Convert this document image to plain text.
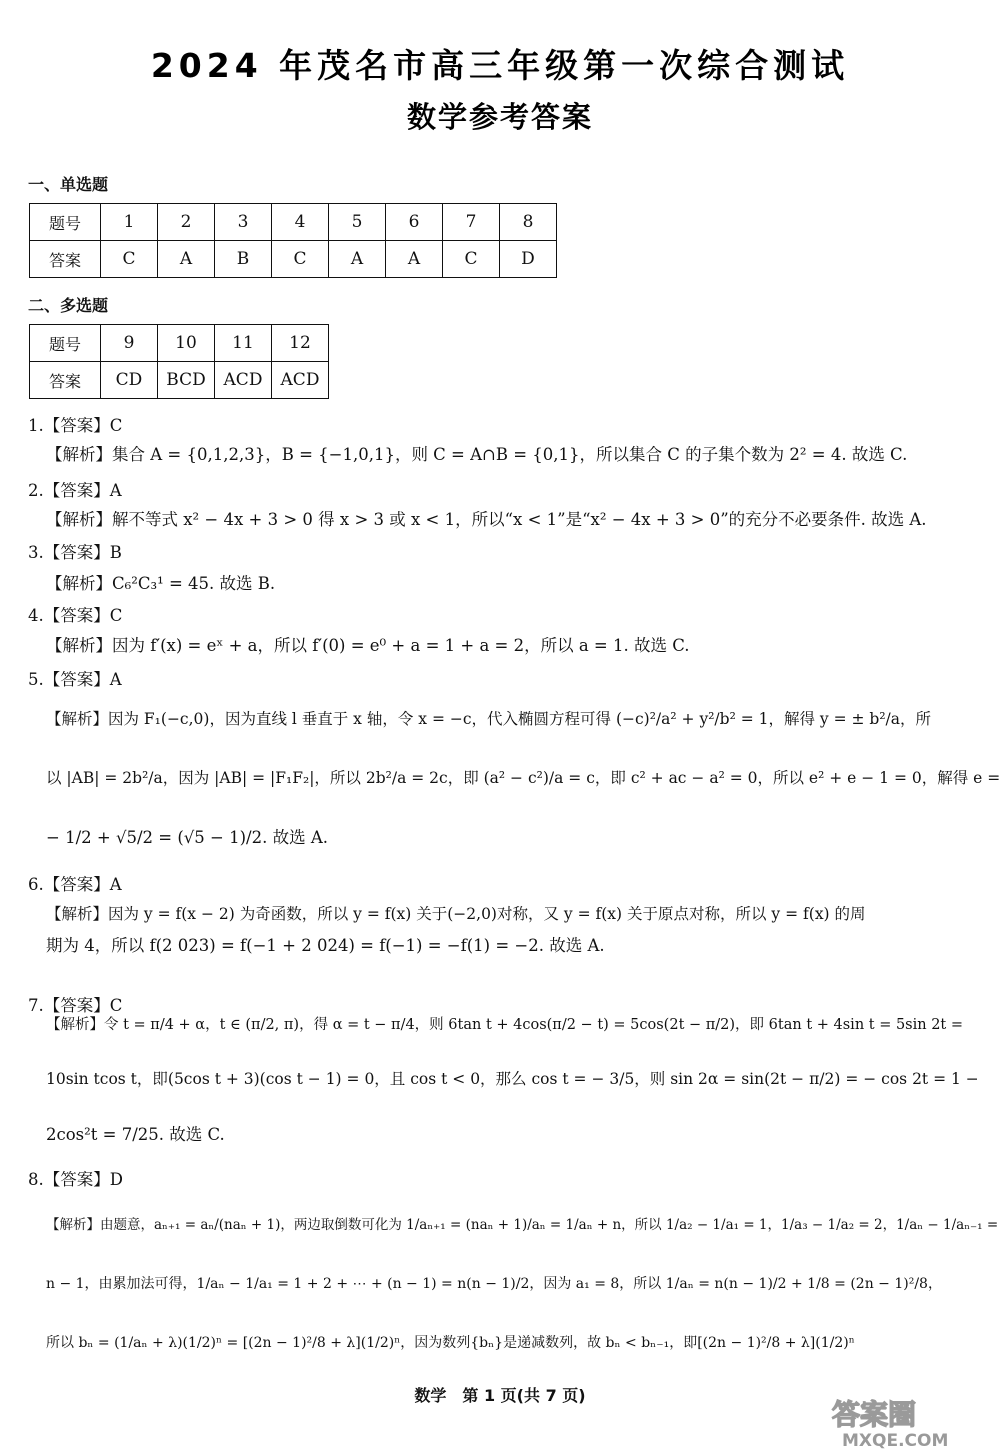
2024 年茂名市高三年级第一次综合测试
数学参考答案
一、单选题
题号	1	2	3	4	5	6	7	8
答案	C	A	B	C	A	A	C	D
二、多选题
题号	9	10	11	12
答案	CD	BCD	ACD	ACD
1.【答案】C
【解析】集合 A = {0,1,2,3}，B = {−1,0,1}，则 C = A∩B = {0,1}，所以集合 C 的子集个数为 2² = 4. 故选 C.
2.【答案】A
【解析】解不等式 x² − 4x + 3 > 0 得 x > 3 或 x < 1，所以“x < 1”是“x² − 4x + 3 > 0”的充分不必要条件. 故选 A.
3.【答案】B
【解析】C₆²C₃¹ = 45. 故选 B.
4.【答案】C
【解析】因为 f′(x) = eˣ + a，所以 f′(0) = e⁰ + a = 1 + a = 2，所以 a = 1. 故选 C.
5.【答案】A
【解析】因为 F₁(−c,0)，因为直线 l 垂直于 x 轴，令 x = −c，代入椭圆方程可得 (−c)²/a² + y²/b² = 1，解得 y = ± b²/a，所
以 |AB| = 2b²/a，因为 |AB| = |F₁F₂|，所以 2b²/a = 2c，即 (a² − c²)/a = c，即 c² + ac − a² = 0，所以 e² + e − 1 = 0，解得 e =
− 1/2 + √5/2 = (√5 − 1)/2. 故选 A.
6.【答案】A
【解析】因为 y = f(x − 2) 为奇函数，所以 y = f(x) 关于(−2,0)对称，又 y = f(x) 关于原点对称，所以 y = f(x) 的周
期为 4，所以 f(2 023) = f(−1 + 2 024) = f(−1) = −f(1) = −2. 故选 A.
7.【答案】C
【解析】令 t = π/4 + α，t ∈ (π/2, π)，得 α = t − π/4，则 6tan t + 4cos(π/2 − t) = 5cos(2t − π/2)，即 6tan t + 4sin t = 5sin 2t =
10sin tcos t，即(5cos t + 3)(cos t − 1) = 0，且 cos t < 0，那么 cos t = − 3/5，则 sin 2α = sin(2t − π/2) = − cos 2t = 1 −
2cos²t = 7/25. 故选 C.
8.【答案】D
【解析】由题意，aₙ₊₁ = aₙ/(naₙ + 1)，两边取倒数可化为 1/aₙ₊₁ = (naₙ + 1)/aₙ = 1/aₙ + n，所以 1/a₂ − 1/a₁ = 1，1/a₃ − 1/a₂ = 2，1/aₙ − 1/aₙ₋₁ =
n − 1，由累加法可得，1/aₙ − 1/a₁ = 1 + 2 + ⋯ + (n − 1) = n(n − 1)/2，因为 a₁ = 8，所以 1/aₙ = n(n − 1)/2 + 1/8 = (2n − 1)²/8，
所以 bₙ = (1/aₙ + λ)(1/2)ⁿ = [(2n − 1)²/8 + λ](1/2)ⁿ，因为数列{bₙ}是递减数列，故 bₙ < bₙ₋₁，即[(2n − 1)²/8 + λ](1/2)ⁿ
数学　第 1 页(共 7 页)
答案圈
MXQE.COM
